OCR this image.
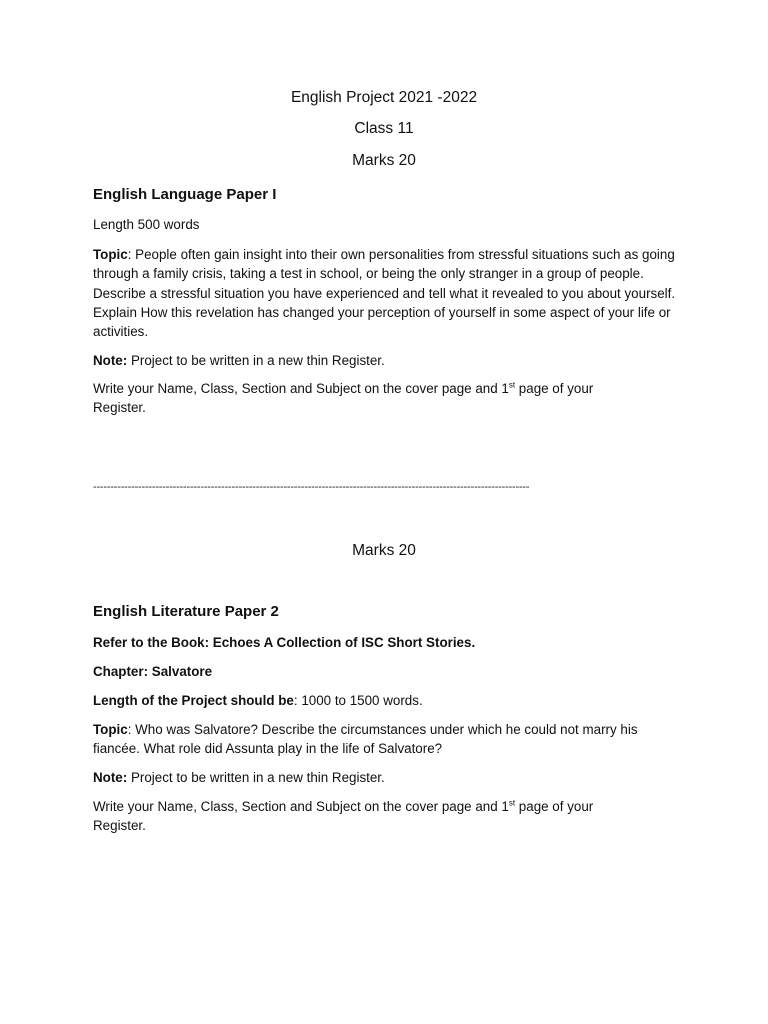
English Project 2021 -2022
Class 11
Marks 20
English Language Paper I
Length 500 words
Topic: People often gain insight into their own personalities from stressful situations such as going through a family crisis, taking a test in school, or being the only stranger in a group of people. Describe a stressful situation you have experienced and tell what it revealed to you about yourself. Explain How this revelation has changed your perception of yourself in some aspect of your life or activities.
Note: Project to be written in a new thin Register.
Write your Name, Class, Section and Subject on the cover page and 1st page of your Register.
------------------------------------------------------------------------------------------------------------------------------
Marks 20
English Literature Paper 2
Refer to the Book: Echoes A Collection of ISC Short Stories.
Chapter: Salvatore
Length of the Project should be: 1000 to 1500 words.
Topic: Who was Salvatore? Describe the circumstances under which he could not marry his fiancée. What role did Assunta play in the life of Salvatore?
Note: Project to be written in a new thin Register.
Write your Name, Class, Section and Subject on the cover page and 1st page of your Register.
